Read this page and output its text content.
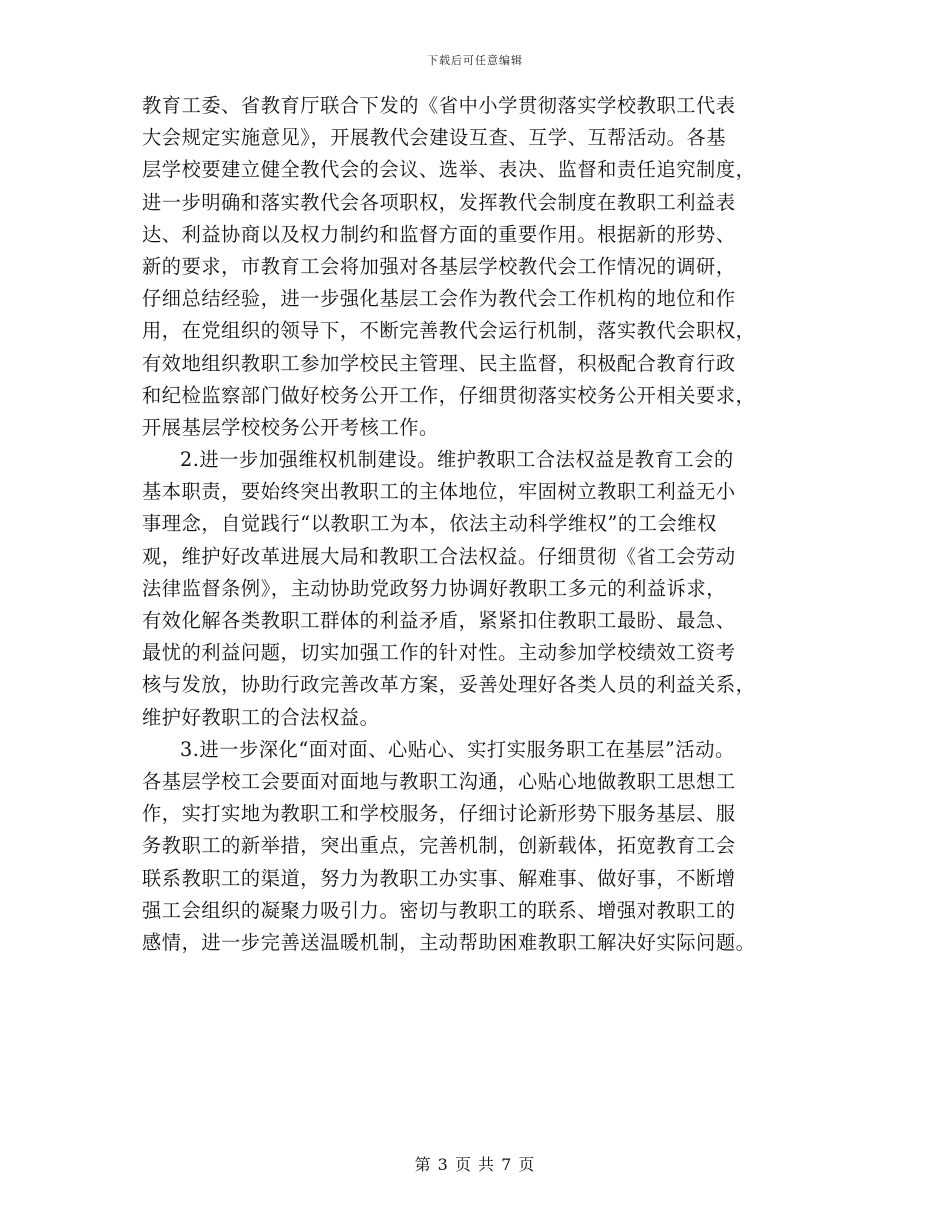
下载后可任意编辑
教育工委、省教育厅联合下发的《省中小学贯彻落实学校教职工代表
大会规定实施意见》，开展教代会建设互查、互学、互帮活动。各基
层学校要建立健全教代会的会议、选举、表决、监督和责任追究制度，
进一步明确和落实教代会各项职权，发挥教代会制度在教职工利益表
达、利益协商以及权力制约和监督方面的重要作用。根据新的形势、
新的要求，市教育工会将加强对各基层学校教代会工作情况的调研，
仔细总结经验，进一步强化基层工会作为教代会工作机构的地位和作
用，在党组织的领导下，不断完善教代会运行机制，落实教代会职权，
有效地组织教职工参加学校民主管理、民主监督，积极配合教育行政
和纪检监察部门做好校务公开工作，仔细贯彻落实校务公开相关要求，
开展基层学校校务公开考核工作。
2.进一步加强维权机制建设。维护教职工合法权益是教育工会的
基本职责，要始终突出教职工的主体地位，牢固树立教职工利益无小
事理念，自觉践行“以教职工为本，依法主动科学维权”的工会维权
观，维护好改革进展大局和教职工合法权益。仔细贯彻《省工会劳动
法律监督条例》，主动协助党政努力协调好教职工多元的利益诉求，
有效化解各类教职工群体的利益矛盾，紧紧扣住教职工最盼、最急、
最忧的利益问题，切实加强工作的针对性。主动参加学校绩效工资考
核与发放，协助行政完善改革方案，妥善处理好各类人员的利益关系，
维护好教职工的合法权益。
3.进一步深化“面对面、心贴心、实打实服务职工在基层”活动。
各基层学校工会要面对面地与教职工沟通，心贴心地做教职工思想工
作，实打实地为教职工和学校服务，仔细讨论新形势下服务基层、服
务教职工的新举措，突出重点，完善机制，创新载体，拓宽教育工会
联系教职工的渠道，努力为教职工办实事、解难事、做好事，不断增
强工会组织的凝聚力吸引力。密切与教职工的联系、增强对教职工的
感情，进一步完善送温暖机制，主动帮助困难教职工解决好实际问题。
第 3 页 共 7 页
